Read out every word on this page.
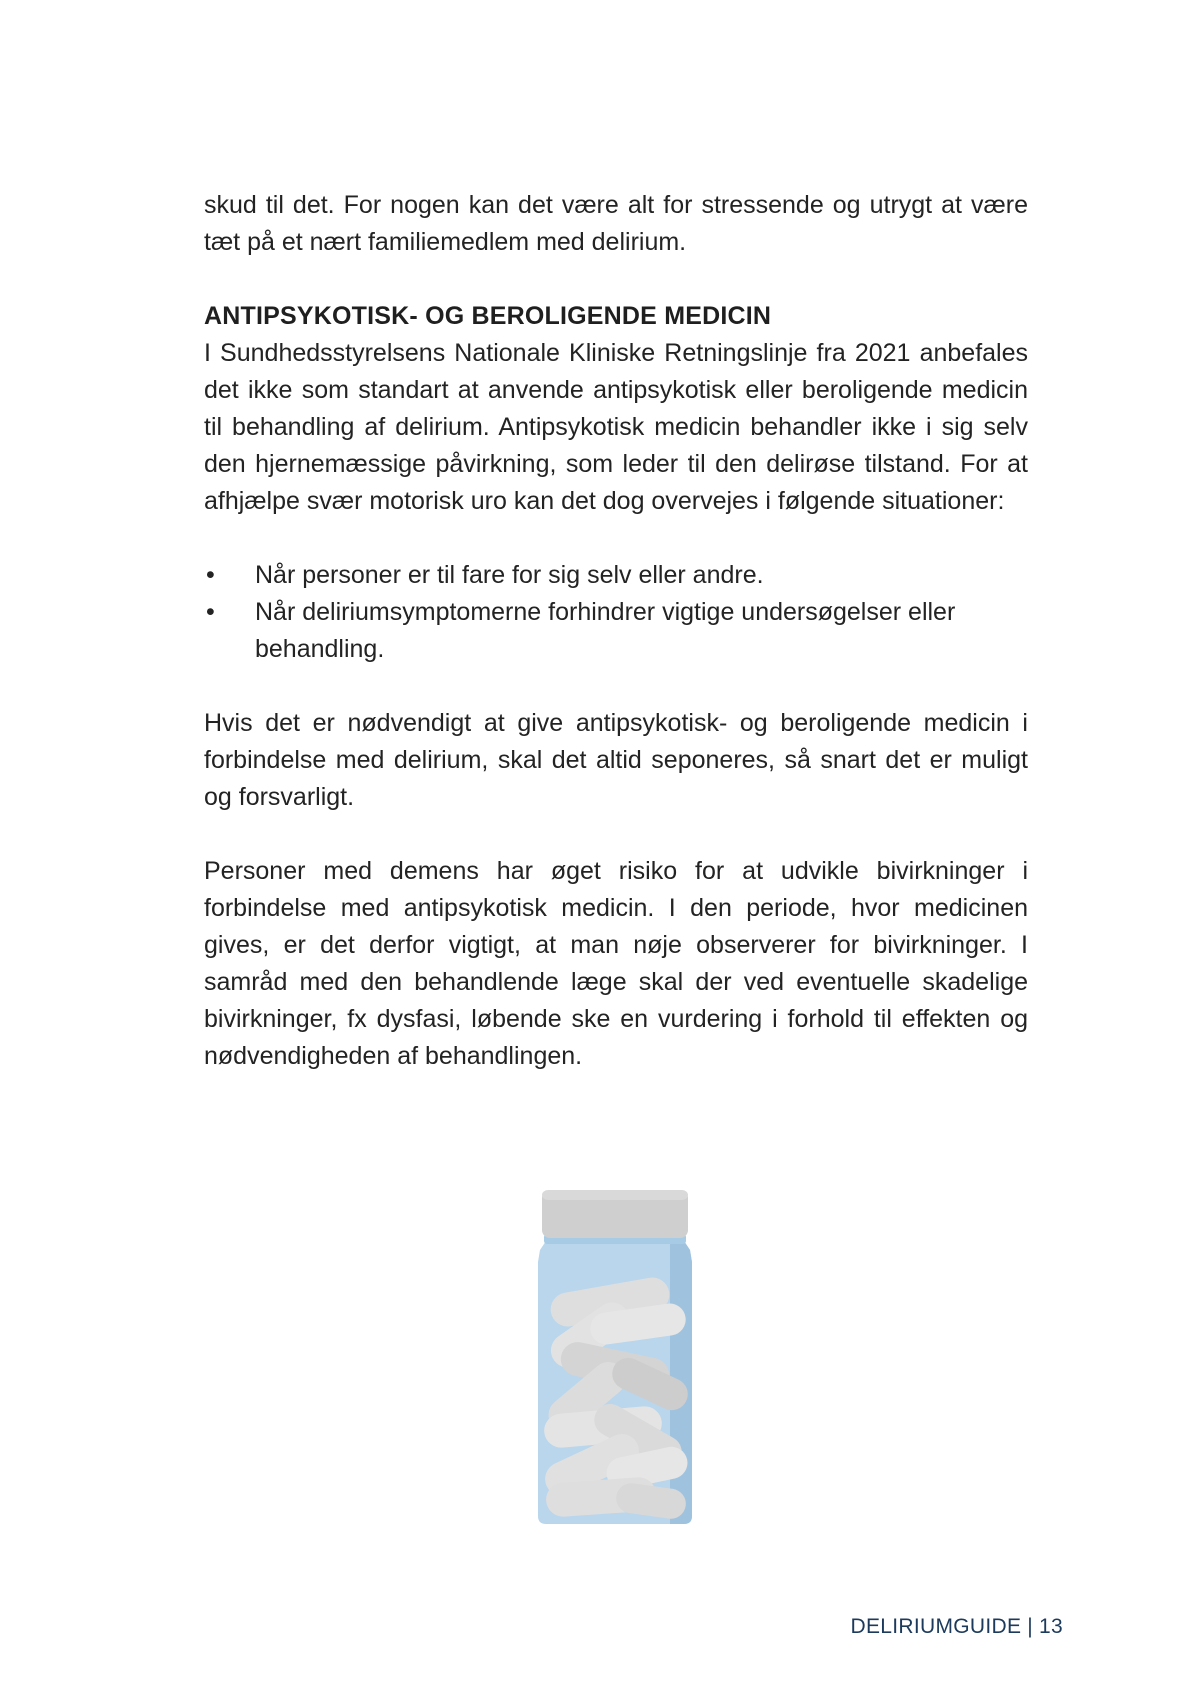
skud til det. For nogen kan det være alt for stressende og utrygt at være tæt på et nært familiemedlem med delirium.

ANTIPSYKOTISK- OG BEROLIGENDE MEDICIN

I Sundhedsstyrelsens Nationale Kliniske Retningslinje fra 2021 anbefales det ikke som standart at anvende antipsykotisk eller beroligende medicin til behandling af delirium. Antipsykotisk medicin behandler ikke i sig selv den hjernemæssige påvirkning, som leder til den delirøse tilstand. For at afhjælpe svær motorisk uro kan det dog overvejes i følgende situationer:

• Når personer er til fare for sig selv eller andre.
• Når deliriumsymptomerne forhindrer vigtige undersøgelser eller behandling.

Hvis det er nødvendigt at give antipsykotisk- og beroligende medicin i forbindelse med delirium, skal det altid seponeres, så snart det er muligt og forsvarligt.

Personer med demens har øget risiko for at udvikle bivirkninger i forbindelse med antipsykotisk medicin. I den periode, hvor medicinen gives, er det derfor vigtigt, at man nøje observerer for bivirkninger. I samråd med den behandlende læge skal der ved eventuelle skadelige bivirkninger, fx dysfasi, løbende ske en vurdering i forhold til effekten og nødvendigheden af behandlingen.

DELIRIUMGUIDE | 13
